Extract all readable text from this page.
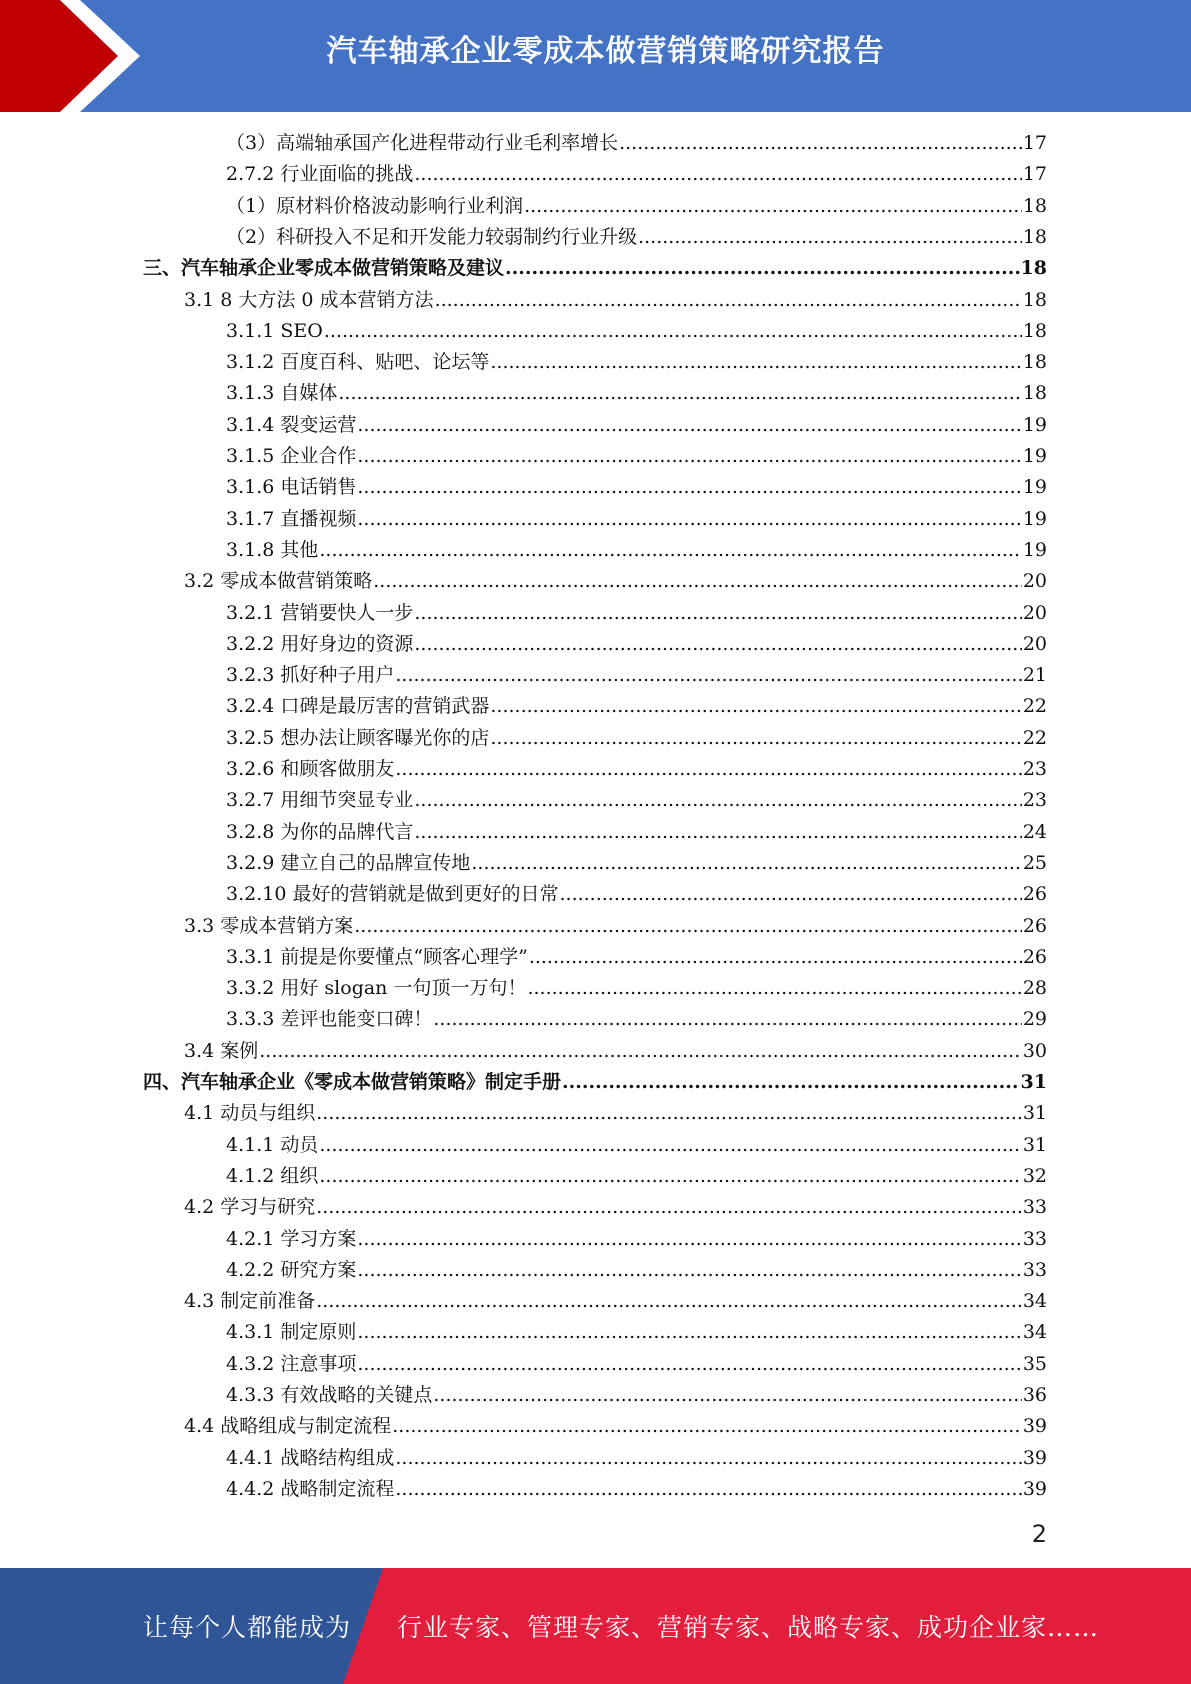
汽车轴承企业零成本做营销策略研究报告
（3）高端轴承国产化进程带动行业毛利率增长 .....	17
2.7.2 行业面临的挑战 .....	17
（1）原材料价格波动影响行业利润 .....	18
（2）科研投入不足和开发能力较弱制约行业升级 .....	18
三、汽车轴承企业零成本做营销策略及建议 .....	18
3.1 8 大方法 0 成本营销方法 .....	18
3.1.1 SEO .....	18
3.1.2 百度百科、贴吧、论坛等 .....	18
3.1.3 自媒体 .....	18
3.1.4 裂变运营 .....	19
3.1.5 企业合作 .....	19
3.1.6 电话销售 .....	19
3.1.7 直播视频 .....	19
3.1.8 其他 .....	19
3.2 零成本做营销策略 .....	20
3.2.1 营销要快人一步 .....	20
3.2.2 用好身边的资源 .....	20
3.2.3 抓好种子用户 .....	21
3.2.4 口碑是最厉害的营销武器 .....	22
3.2.5 想办法让顾客曝光你的店 .....	22
3.2.6 和顾客做朋友 .....	23
3.2.7 用细节突显专业 .....	23
3.2.8 为你的品牌代言 .....	24
3.2.9 建立自己的品牌宣传地 .....	25
3.2.10 最好的营销就是做到更好的日常 .....	26
3.3 零成本营销方案 .....	26
3.3.1 前提是你要懂点“顾客心理学” .....	26
3.3.2 用好 slogan 一句顶一万句！ .....	28
3.3.3 差评也能变口碑！ .....	29
3.4 案例 .....	30
四、汽车轴承企业《零成本做营销策略》制定手册 .....	31
4.1 动员与组织 .....	31
4.1.1 动员 .....	31
4.1.2 组织 .....	32
4.2 学习与研究 .....	33
4.2.1 学习方案 .....	33
4.2.2 研究方案 .....	33
4.3 制定前准备 .....	34
4.3.1 制定原则 .....	34
4.3.2 注意事项 .....	35
4.3.3 有效战略的关键点 .....	36
4.4 战略组成与制定流程 .....	39
4.4.1 战略结构组成 .....	39
4.4.2 战略制定流程 .....	39
2
让每个人都能成为 行业专家、管理专家、营销专家、战略专家、成功企业家……
